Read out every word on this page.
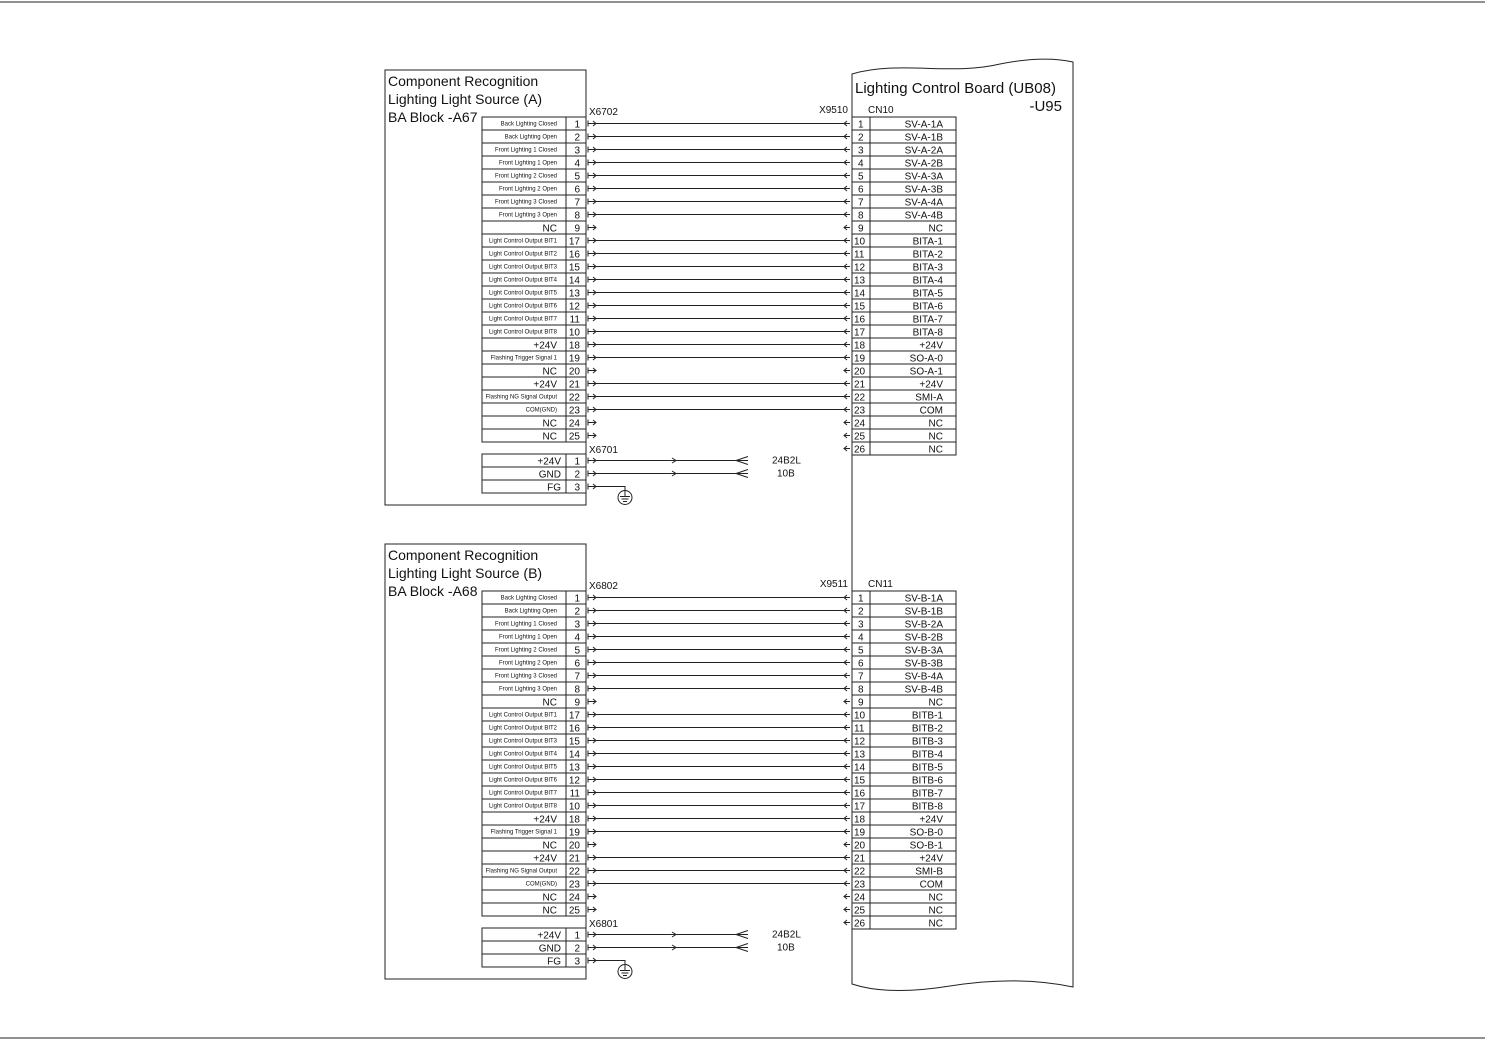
Lighting Control Board (UB08)
-U95
Component Recognition
Lighting Light Source (A)
BA Block -A67	X6702	X9510 CN10
Back Lighting Closed 1
Back Lighting Open 2
Front Lighting 1 Closed 3
Front Lighting 1 Open 4
Front Lighting 2 Closed 5
Front Lighting 2 Open 6
Front Lighting 3 Closed 7
Front Lighting 3 Open 8
NC 9
Light Control Output BIT1 17
Light Control Output BIT2 16
Light Control Output BIT3 15
Light Control Output BIT4 14
Light Control Output BIT5 13
Light Control Output BIT6 12
Light Control Output BIT7 11
Light Control Output BIT8 10
+24V 18
Flashing Trigger Signal 1 19
NC 20
+24V 21
Flashing NG Signal Output 22
COM(GND) 23
NC 24
NC 25
1	SV-A-1A
2	SV-A-1B
3	SV-A-2A
4	SV-A-2B
5	SV-A-3A
6	SV-A-3B
7	SV-A-4A
8	SV-A-4B
9	NC
10	BITA-1
11	BITA-2
12	BITA-3
13	BITA-4
14	BITA-5
15	BITA-6
16	BITA-7
17	BITA-8
18	+24V
19	SO-A-0
20	SO-A-1
21	+24V
22	SMI-A
23	COM
24	NC
25	NC
26	NC
X6701
+24V 1	24B2L
GND 2	10B
FG 3
Component Recognition
Lighting Light Source (B)
BA Block -A68	X6802	X9511 CN11
Back Lighting Closed 1
Back Lighting Open 2
Front Lighting 1 Closed 3
Front Lighting 1 Open 4
Front Lighting 2 Closed 5
Front Lighting 2 Open 6
Front Lighting 3 Closed 7
Front Lighting 3 Open 8
NC 9
Light Control Output BIT1 17
Light Control Output BIT2 16
Light Control Output BIT3 15
Light Control Output BIT4 14
Light Control Output BIT5 13
Light Control Output BIT6 12
Light Control Output BIT7 11
Light Control Output BIT8 10
+24V 18
Flashing Trigger Signal 1 19
NC 20
+24V 21
Flashing NG Signal Output 22
COM(GND) 23
NC 24
NC 25
1	SV-B-1A
2	SV-B-1B
3	SV-B-2A
4	SV-B-2B
5	SV-B-3A
6	SV-B-3B
7	SV-B-4A
8	SV-B-4B
9	NC
10	BITB-1
11	BITB-2
12	BITB-3
13	BITB-4
14	BITB-5
15	BITB-6
16	BITB-7
17	BITB-8
18	+24V
19	SO-B-0
20	SO-B-1
21	+24V
22	SMI-B
23	COM
24	NC
25	NC
26	NC
X6801
+24V 1	24B2L
GND 2	10B
FG 3
